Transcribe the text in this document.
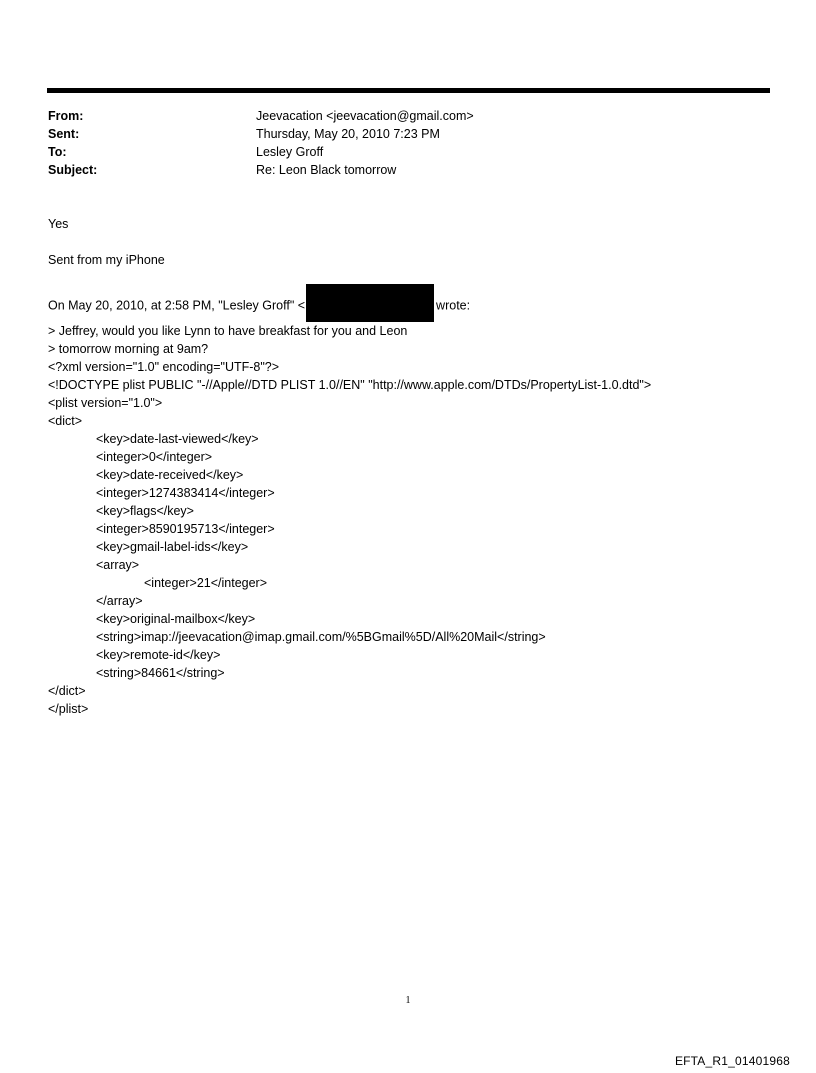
From:	Jeevacation <jeevacation@gmail.com>
Sent:	Thursday, May 20, 2010 7:23 PM
To:	Lesley Groff
Subject:	Re: Leon Black tomorrow
Yes
Sent from my iPhone
On May 20, 2010, at 2:58 PM, "Lesley Groff" <	wrote:
> Jeffrey, would you like Lynn to have breakfast for you and Leon
> tomorrow morning at 9am?
<?xml version="1.0" encoding="UTF-8"?>
<!DOCTYPE plist PUBLIC "-//Apple//DTD PLIST 1.0//EN" "http://www.apple.com/DTDs/PropertyList-1.0.dtd">
<plist version="1.0">
<dict>
<key>date-last-viewed</key>
<integer>0</integer>
<key>date-received</key>
<integer>1274383414</integer>
<key>flags</key>
<integer>8590195713</integer>
<key>gmail-label-ids</key>
<array>
<integer>21</integer>
</array>
<key>original-mailbox</key>
<string>imap://jeevacation@imap.gmail.com/%5BGmail%5D/All%20Mail</string>
<key>remote-id</key>
<string>84661</string>
</dict>
</plist>
1
EFTA_R1_01401968
